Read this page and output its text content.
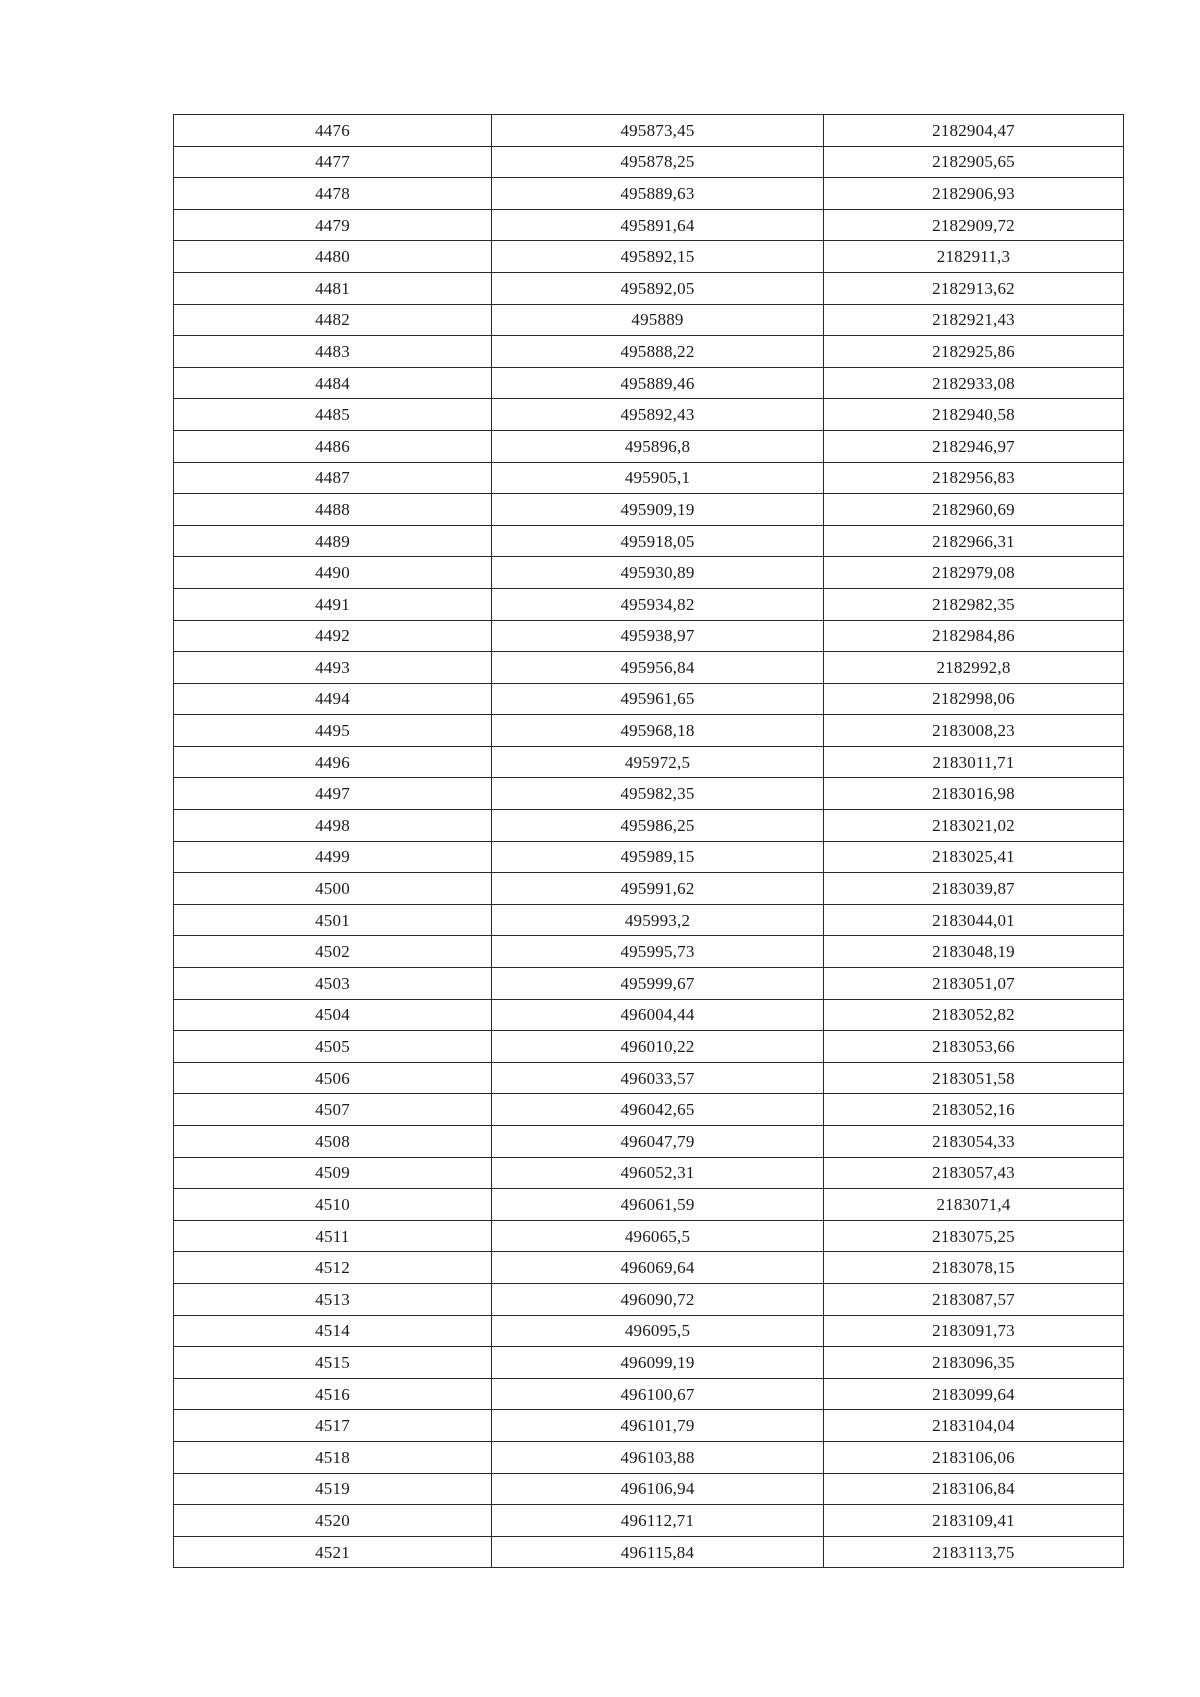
4476	495873,45	2182904,47
4477	495878,25	2182905,65
4478	495889,63	2182906,93
4479	495891,64	2182909,72
4480	495892,15	2182911,3
4481	495892,05	2182913,62
4482	495889	2182921,43
4483	495888,22	2182925,86
4484	495889,46	2182933,08
4485	495892,43	2182940,58
4486	495896,8	2182946,97
4487	495905,1	2182956,83
4488	495909,19	2182960,69
4489	495918,05	2182966,31
4490	495930,89	2182979,08
4491	495934,82	2182982,35
4492	495938,97	2182984,86
4493	495956,84	2182992,8
4494	495961,65	2182998,06
4495	495968,18	2183008,23
4496	495972,5	2183011,71
4497	495982,35	2183016,98
4498	495986,25	2183021,02
4499	495989,15	2183025,41
4500	495991,62	2183039,87
4501	495993,2	2183044,01
4502	495995,73	2183048,19
4503	495999,67	2183051,07
4504	496004,44	2183052,82
4505	496010,22	2183053,66
4506	496033,57	2183051,58
4507	496042,65	2183052,16
4508	496047,79	2183054,33
4509	496052,31	2183057,43
4510	496061,59	2183071,4
4511	496065,5	2183075,25
4512	496069,64	2183078,15
4513	496090,72	2183087,57
4514	496095,5	2183091,73
4515	496099,19	2183096,35
4516	496100,67	2183099,64
4517	496101,79	2183104,04
4518	496103,88	2183106,06
4519	496106,94	2183106,84
4520	496112,71	2183109,41
4521	496115,84	2183113,75
